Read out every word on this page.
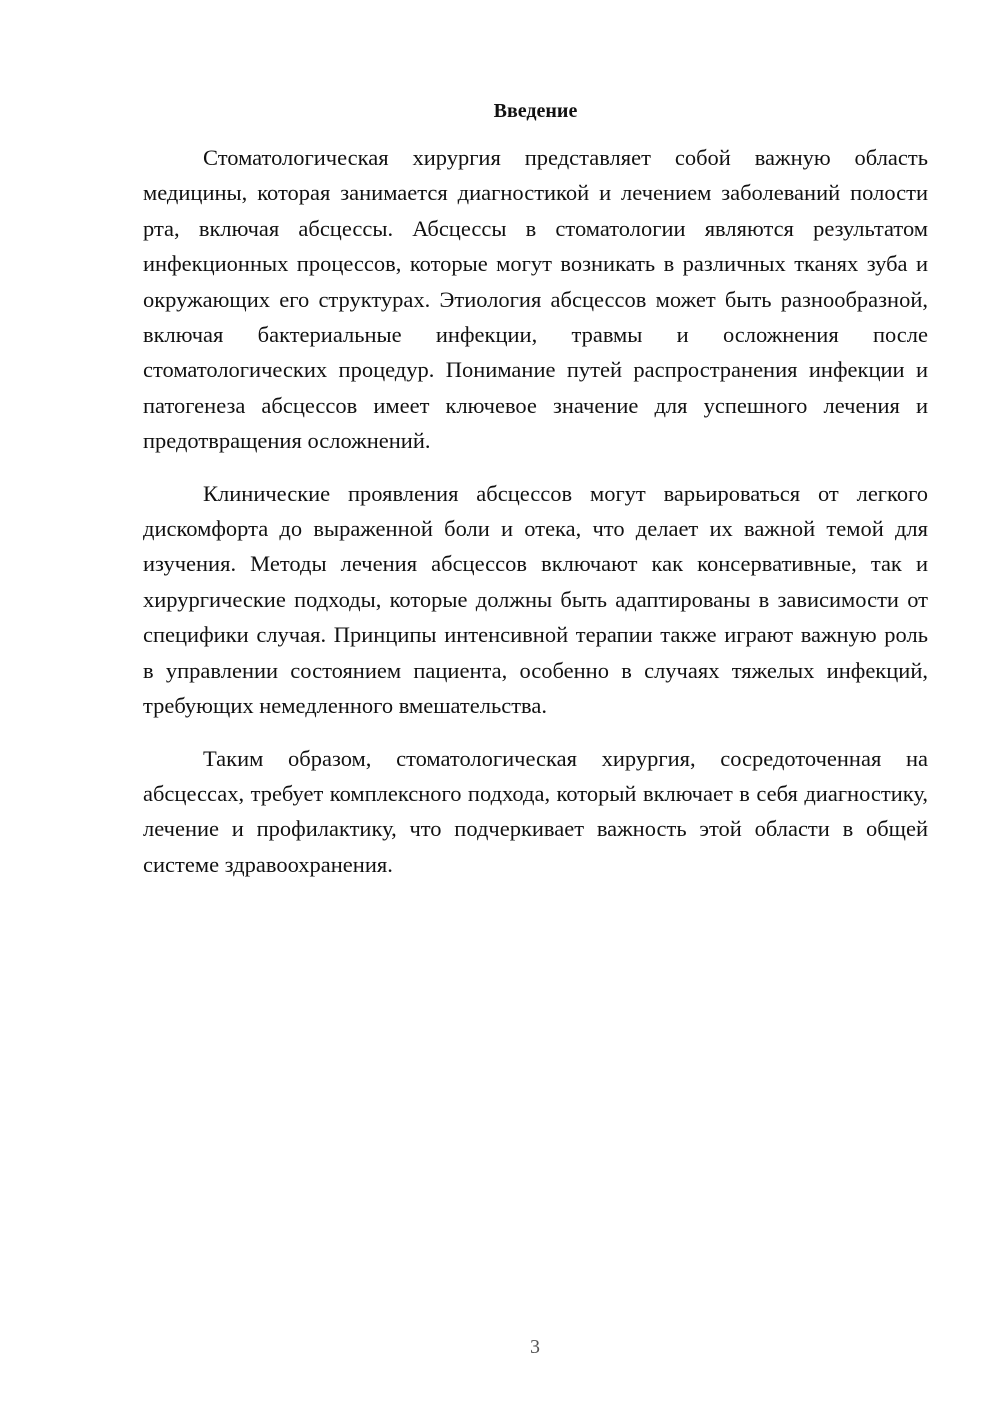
Введение

Стоматологическая хирургия представляет собой важную область медицины, которая занимается диагностикой и лечением заболеваний полости рта, включая абсцессы. Абсцессы в стоматологии являются результатом инфекционных процессов, которые могут возникать в различных тканях зуба и окружающих его структурах. Этиология абсцессов может быть разнообразной, включая бактериальные инфекции, травмы и осложнения после стоматологических процедур. Понимание путей распространения инфекции и патогенеза абсцессов имеет ключевое значение для успешного лечения и предотвращения осложнений.

Клинические проявления абсцессов могут варьироваться от легкого дискомфорта до выраженной боли и отека, что делает их важной темой для изучения. Методы лечения абсцессов включают как консервативные, так и хирургические подходы, которые должны быть адаптированы в зависимости от специфики случая. Принципы интенсивной терапии также играют важную роль в управлении состоянием пациента, особенно в случаях тяжелых инфекций, требующих немедленного вмешательства.

Таким образом, стоматологическая хирургия, сосредоточенная на абсцессах, требует комплексного подхода, который включает в себя диагностику, лечение и профилактику, что подчеркивает важность этой области в общей системе здравоохранения.

3
